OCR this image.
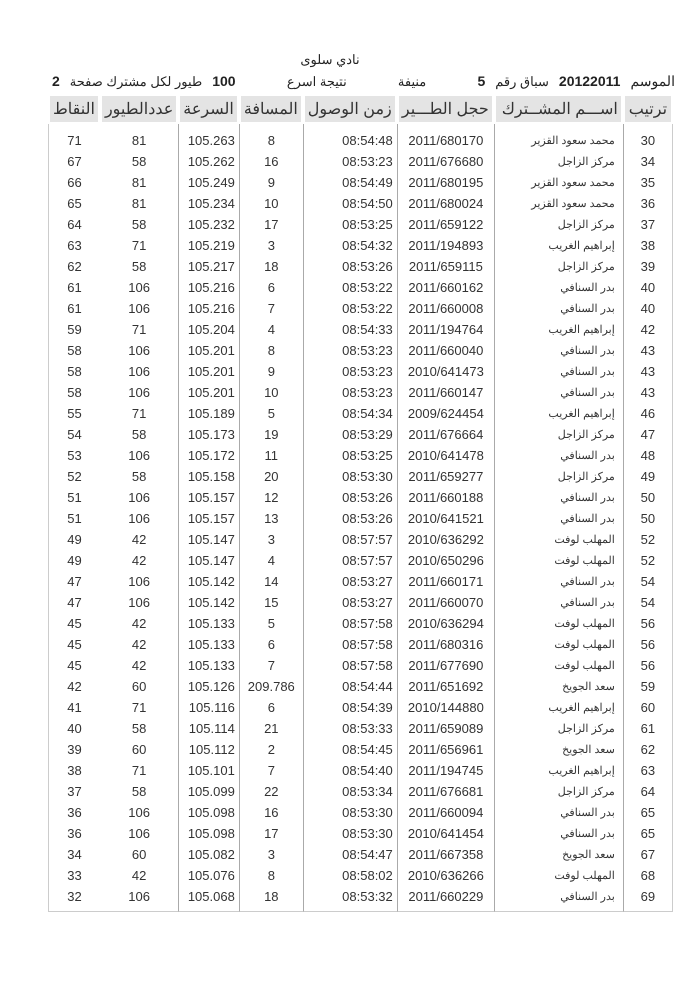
نادي سلوى
الموسم
20122011
سباق رقم
5
منيفة
نتيجة اسرع
100
طيور لكل مشترك صفحة
2
النقاط	عددالطيور	السرعة	المسافة	زمن الوصول	حجل الطـــير	اســـم المشــترك	ترتيب
71	81	105.263	8	08:54:48	2011/680170	محمد سعود القزير	30
67	58	105.262	16	08:53:23	2011/676680	مركز الزاجل	34
66	81	105.249	9	08:54:49	2011/680195	محمد سعود القزير	35
65	81	105.234	10	08:54:50	2011/680024	محمد سعود القزير	36
64	58	105.232	17	08:53:25	2011/659122	مركز الزاجل	37
63	71	105.219	3	08:54:32	2011/194893	إبراهيم الغريب	38
62	58	105.217	18	08:53:26	2011/659115	مركز الزاجل	39
61	106	105.216	6	08:53:22	2011/660162	بدر السنافي	40
61	106	105.216	7	08:53:22	2011/660008	بدر السنافي	40
59	71	105.204	4	08:54:33	2011/194764	إبراهيم الغريب	42
58	106	105.201	8	08:53:23	2011/660040	بدر السنافي	43
58	106	105.201	9	08:53:23	2010/641473	بدر السنافي	43
58	106	105.201	10	08:53:23	2011/660147	بدر السنافي	43
55	71	105.189	5	08:54:34	2009/624454	إبراهيم الغريب	46
54	58	105.173	19	08:53:29	2011/676664	مركز الزاجل	47
53	106	105.172	11	08:53:25	2010/641478	بدر السنافي	48
52	58	105.158	20	08:53:30	2011/659277	مركز الزاجل	49
51	106	105.157	12	08:53:26	2011/660188	بدر السنافي	50
51	106	105.157	13	08:53:26	2010/641521	بدر السنافي	50
49	42	105.147	3	08:57:57	2010/636292	المهلب لوفت	52
49	42	105.147	4	08:57:57	2010/650296	المهلب لوفت	52
47	106	105.142	14	08:53:27	2011/660171	بدر السنافي	54
47	106	105.142	15	08:53:27	2011/660070	بدر السنافي	54
45	42	105.133	5	08:57:58	2010/636294	المهلب لوفت	56
45	42	105.133	6	08:57:58	2011/680316	المهلب لوفت	56
45	42	105.133	7	08:57:58	2011/677690	المهلب لوفت	56
42	60	105.126	209.786	08:54:44	2011/651692	سعد الجويخ	59
41	71	105.116	6	08:54:39	2010/144880	إبراهيم الغريب	60
40	58	105.114	21	08:53:33	2011/659089	مركز الزاجل	61
39	60	105.112	2	08:54:45	2011/656961	سعد الجويخ	62
38	71	105.101	7	08:54:40	2011/194745	إبراهيم الغريب	63
37	58	105.099	22	08:53:34	2011/676681	مركز الزاجل	64
36	106	105.098	16	08:53:30	2011/660094	بدر السنافي	65
36	106	105.098	17	08:53:30	2010/641454	بدر السنافي	65
34	60	105.082	3	08:54:47	2011/667358	سعد الجويخ	67
33	42	105.076	8	08:58:02	2010/636266	المهلب لوفت	68
32	106	105.068	18	08:53:32	2011/660229	بدر السنافي	69
